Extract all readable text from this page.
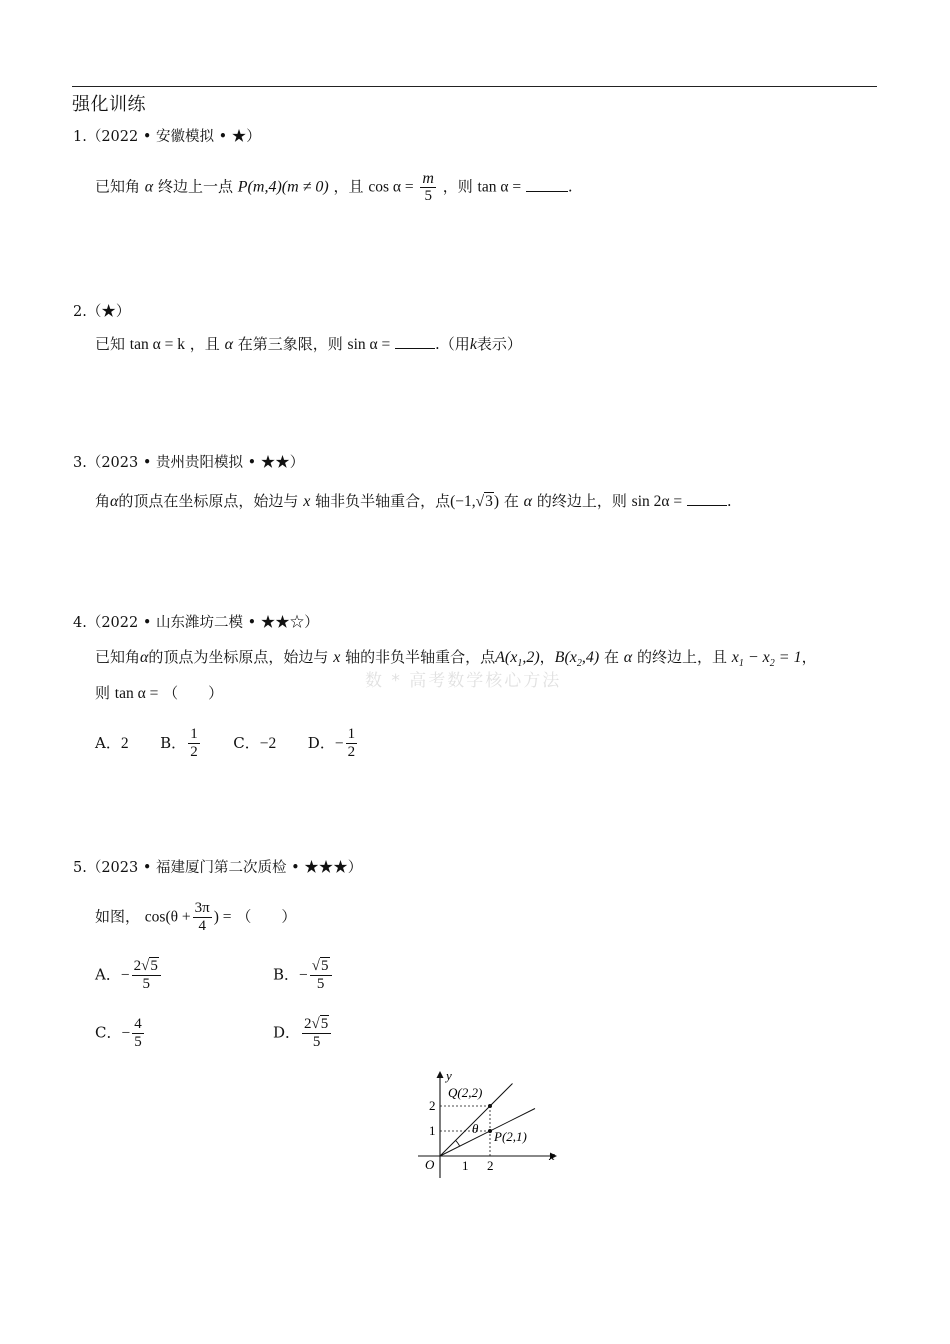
强化训练
数 * 高考数学核心方法
1.（2022 • 安徽模拟 • ★）
已知角 α 终边上一点 P(m,4)(m ≠ 0) ，且 $\cos \alpha = \frac{m}{5}$ ，则 tan α =	.
2.（★）
已知 tan α = k ，且 α 在第三象限，则 sin α =	.（用k表示）
3.（2023 • 贵州贵阳模拟 • ★★）
角α的顶点在坐标原点，始边与 x 轴非负半轴重合，点(−1,√3) 在 α 的终边上，则 sin 2α =	.
4.（2022 • 山东潍坊二模 • ★★☆）
已知角α的顶点为坐标原点，始边与 x 轴的非负半轴重合，点$A(x_1,2)$，$B(x_2,4)$ 在 α 的终边上，且 $x_1 - x_2 = 1$，
则 tan α = （　　）
A．2 B． $\frac{1}{2}$ C．−2 D．− $\frac{1}{2}$
5.（2023 • 福建厦门第二次质检 • ★★★）
如图， $\cos(\theta + \frac{3\pi}{4}$ ) = （　　）
A．− $\frac{2√5}{5}$	B．− $\frac{√5}{5}$
C．− $\frac{4}{5}$	D． $\frac{2√5}{5}$
y
x
O 1 2
1
2
Q(2,2)
P(2,1)
θ
